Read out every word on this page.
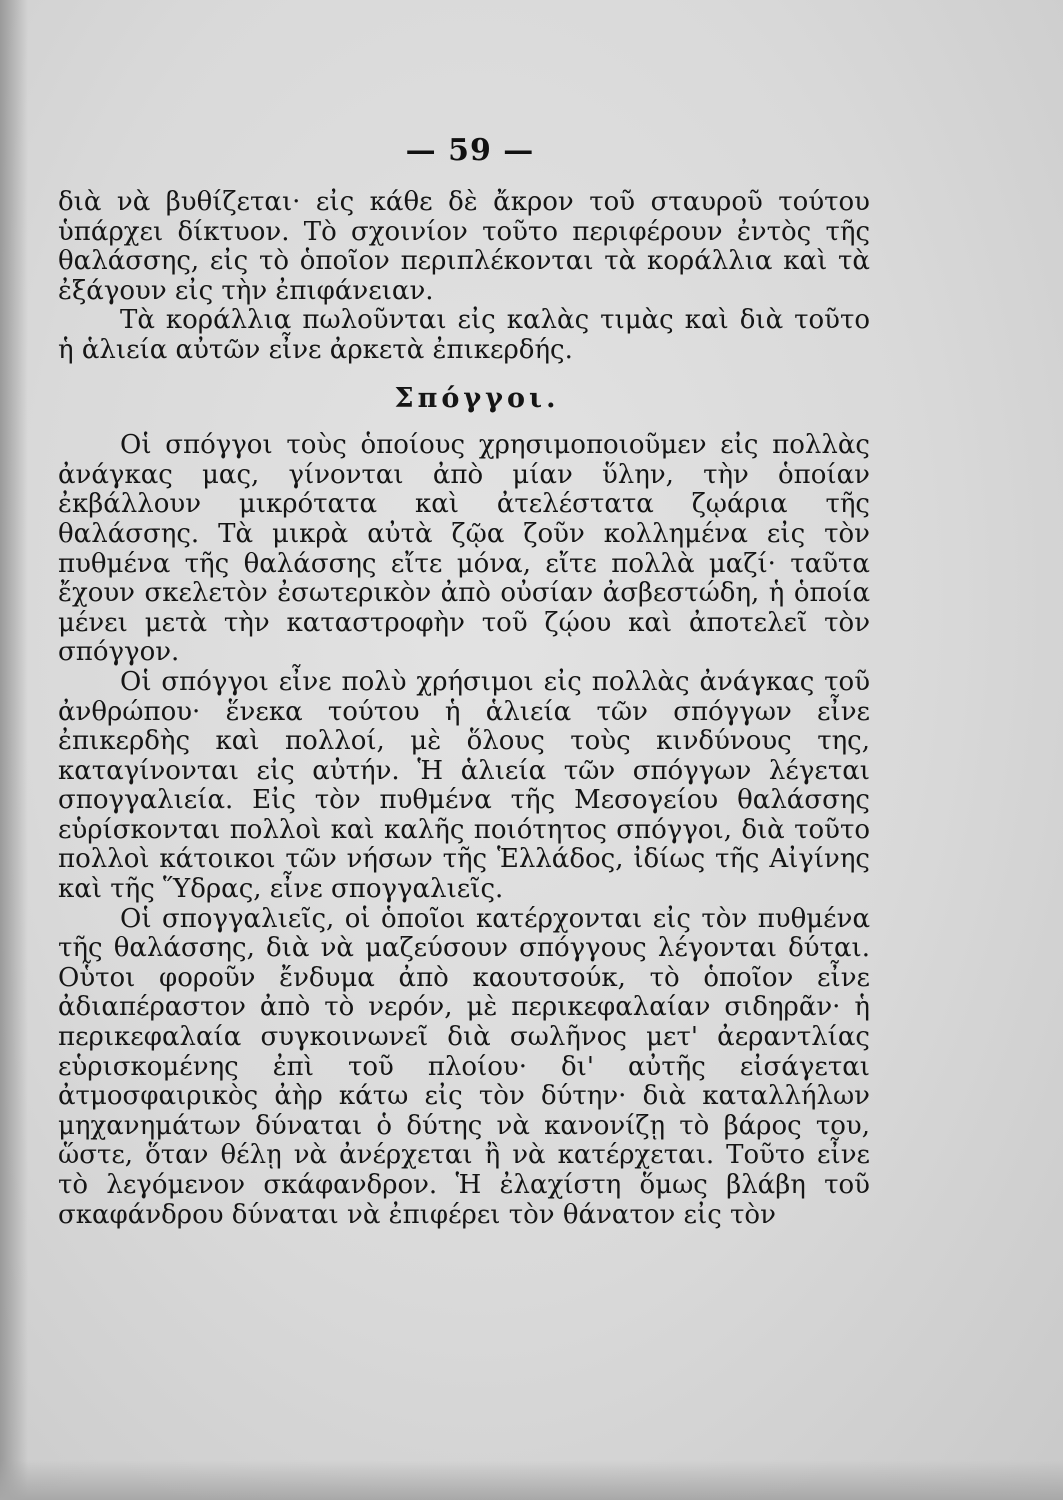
— 59 —

διὰ νὰ βυθίζεται· εἰς κάθε δὲ ἄκρον τοῦ σταυροῦ τούτου ὑπάρχει δίκτυον. Τὸ σχοινίον τοῦτο περιφέρουν ἐντὸς τῆς θαλάσσης, εἰς τὸ ὁποῖον περιπλέκονται τὰ κοράλλια καὶ τὰ ἐξάγουν εἰς τὴν ἐπιφάνειαν.

Τὰ κοράλλια πωλοῦνται εἰς καλὰς τιμὰς καὶ διὰ τοῦτο ἡ ἁλιεία αὐτῶν εἶνε ἀρκετὰ ἐπικερδής.

Σπόγγοι.

Οἱ σπόγγοι τοὺς ὁποίους χρησιμοποιοῦμεν εἰς πολλὰς ἀνάγκας μας, γίνονται ἀπὸ μίαν ὕλην, τὴν ὁποίαν ἐκβάλλουν μικρότατα καὶ ἀτελέστατα ζῳάρια τῆς θαλάσσης. Τὰ μικρὰ αὐτὰ ζῷα ζοῦν κολλημένα εἰς τὸν πυθμένα τῆς θαλάσσης εἴτε μόνα, εἴτε πολλὰ μαζί· ταῦτα ἔχουν σκελετὸν ἐσωτερικὸν ἀπὸ οὐσίαν ἀσβεστώδη, ἡ ὁποία μένει μετὰ τὴν καταστροφὴν τοῦ ζῴου καὶ ἀποτελεῖ τὸν σπόγγον.

Οἱ σπόγγοι εἶνε πολὺ χρήσιμοι εἰς πολλὰς ἀνάγκας τοῦ ἀνθρώπου· ἕνεκα τούτου ἡ ἁλιεία τῶν σπόγγων εἶνε ἐπικερδὴς καὶ πολλοί, μὲ ὅλους τοὺς κινδύνους της, καταγίνονται εἰς αὐτήν. Ἡ ἁλιεία τῶν σπόγγων λέγεται σπογγαλιεία. Εἰς τὸν πυθμένα τῆς Μεσογείου θαλάσσης εὑρίσκονται πολλοὶ καὶ καλῆς ποιότητος σπόγγοι, διὰ τοῦτο πολλοὶ κάτοικοι τῶν νήσων τῆς Ἑλλάδος, ἰδίως τῆς Αἰγίνης καὶ τῆς Ὕδρας, εἶνε σπογγαλιεῖς.

Οἱ σπογγαλιεῖς, οἱ ὁποῖοι κατέρχονται εἰς τὸν πυθμένα τῆς θαλάσσης, διὰ νὰ μαζεύσουν σπόγγους λέγονται δύται. Οὗτοι φοροῦν ἔνδυμα ἀπὸ καουτσούκ, τὸ ὁποῖον εἶνε ἀδιαπέραστον ἀπὸ τὸ νερόν, μὲ περικεφαλαίαν σιδηρᾶν· ἡ περικεφαλαία συγκοινωνεῖ διὰ σωλῆνος μετ' ἀεραντλίας εὑρισκομένης ἐπὶ τοῦ πλοίου· δι' αὐτῆς εἰσάγεται ἀτμοσφαιρικὸς ἀὴρ κάτω εἰς τὸν δύτην· διὰ καταλλήλων μηχανημάτων δύναται ὁ δύτης νὰ κανονίζῃ τὸ βάρος του, ὥστε, ὅταν θέλῃ νὰ ἀνέρχεται ἢ νὰ κατέρχεται. Τοῦτο εἶνε τὸ λεγόμενον σκάφανδρον. Ἡ ἐλαχίστη ὅμως βλάβη τοῦ σκαφάνδρου δύναται νὰ ἐπιφέρει τὸν θάνατον εἰς τὸν
